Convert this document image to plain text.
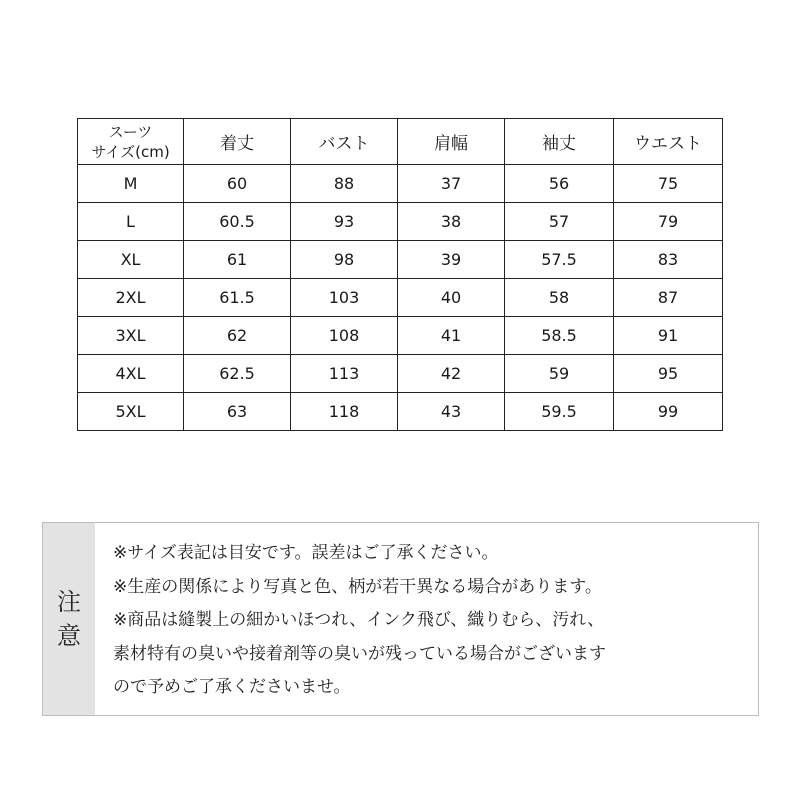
スーツ
サイズ(cm)	着丈	バスト	肩幅	袖丈	ウエスト
M	60	88	37	56	75
L	60.5	93	38	57	79
XL	61	98	39	57.5	83
2XL	61.5	103	40	58	87
3XL	62	108	41	58.5	91
4XL	62.5	113	42	59	95
5XL	63	118	43	59.5	99
注
意
※サイズ表記は目安です。誤差はご了承ください。
※生産の関係により写真と色、柄が若干異なる場合があります。
※商品は縫製上の細かいほつれ、インク飛び、織りむら、汚れ、
素材特有の臭いや接着剤等の臭いが残っている場合がございます
ので予めご了承くださいませ。
